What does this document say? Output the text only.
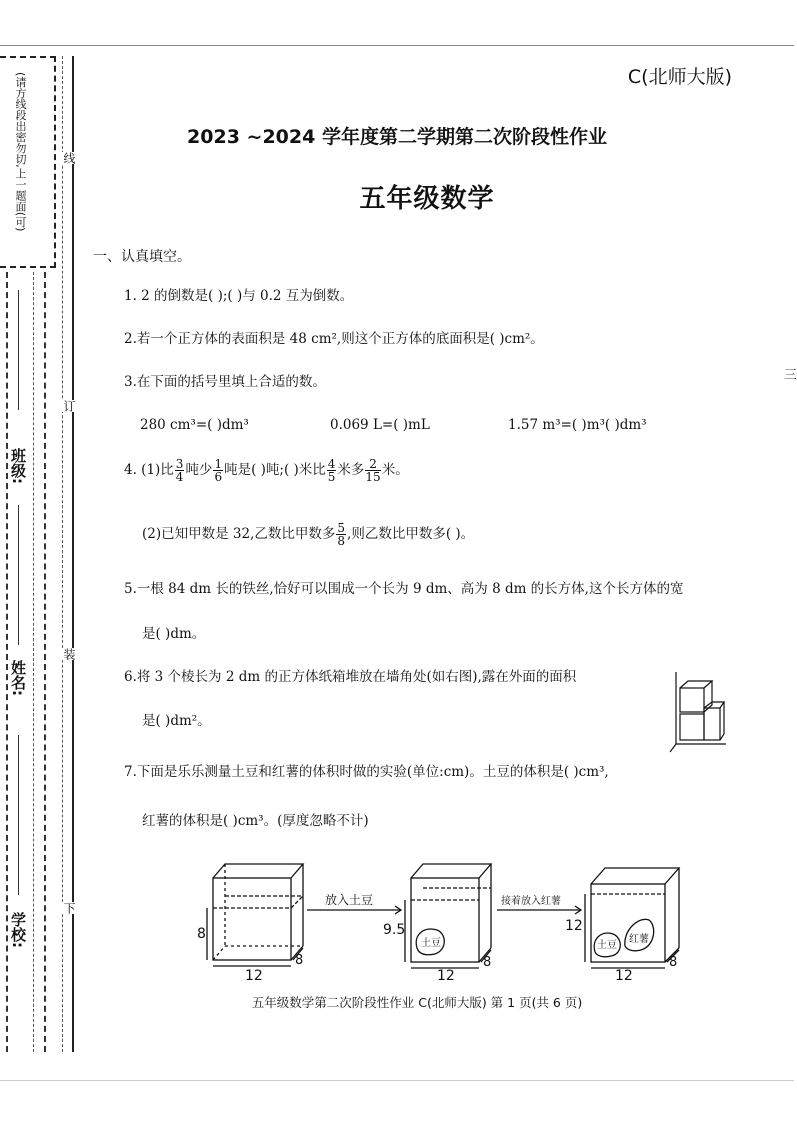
(请方线段出密勿切,上一题面(可)
班级:
姓名:
学校:
线
订
装
下
三
C(北师大版)
2023 ~2024 学年度第二学期第二次阶段性作业
五年级数学
一、认真填空。
1. 2 的倒数是( );( )与 0.2 互为倒数。
2.若一个正方体的表面积是 48 cm²,则这个正方体的底面积是( )cm²。
3.在下面的括号里填上合适的数。
280 cm³=( )dm³	0.069 L=( )mL	1.57 m³=( )m³( )dm³
4. (1)比 $\frac{3}{4}$ 吨少 $\frac{1}{6}$ 吨是( )吨;( )米比 $\frac{4}{5}$ 米多 $\frac{2}{15}$ 米。
(2)已知甲数是 32,乙数比甲数多 $\frac{5}{8}$ ,则乙数比甲数多( )。
5.一根 84 dm 长的铁丝,恰好可以围成一个长为 9 dm、高为 8 dm 的长方体,这个长方体的宽
是( )dm。
6.将 3 个棱长为 2 dm 的正方体纸箱堆放在墙角处(如右图),露在外面的面积
是( )dm²。
7.下面是乐乐测量土豆和红薯的体积时做的实验(单位:cm)。土豆的体积是( )cm³,
红薯的体积是( )cm³。(厚度忽略不计)
放入土豆	接着放入红薯
8
12
8
9.5
12
8
土豆
12
12
8
土豆
红薯
五年级数学第二次阶段性作业 C(北师大版) 第 1 页(共 6 页)
